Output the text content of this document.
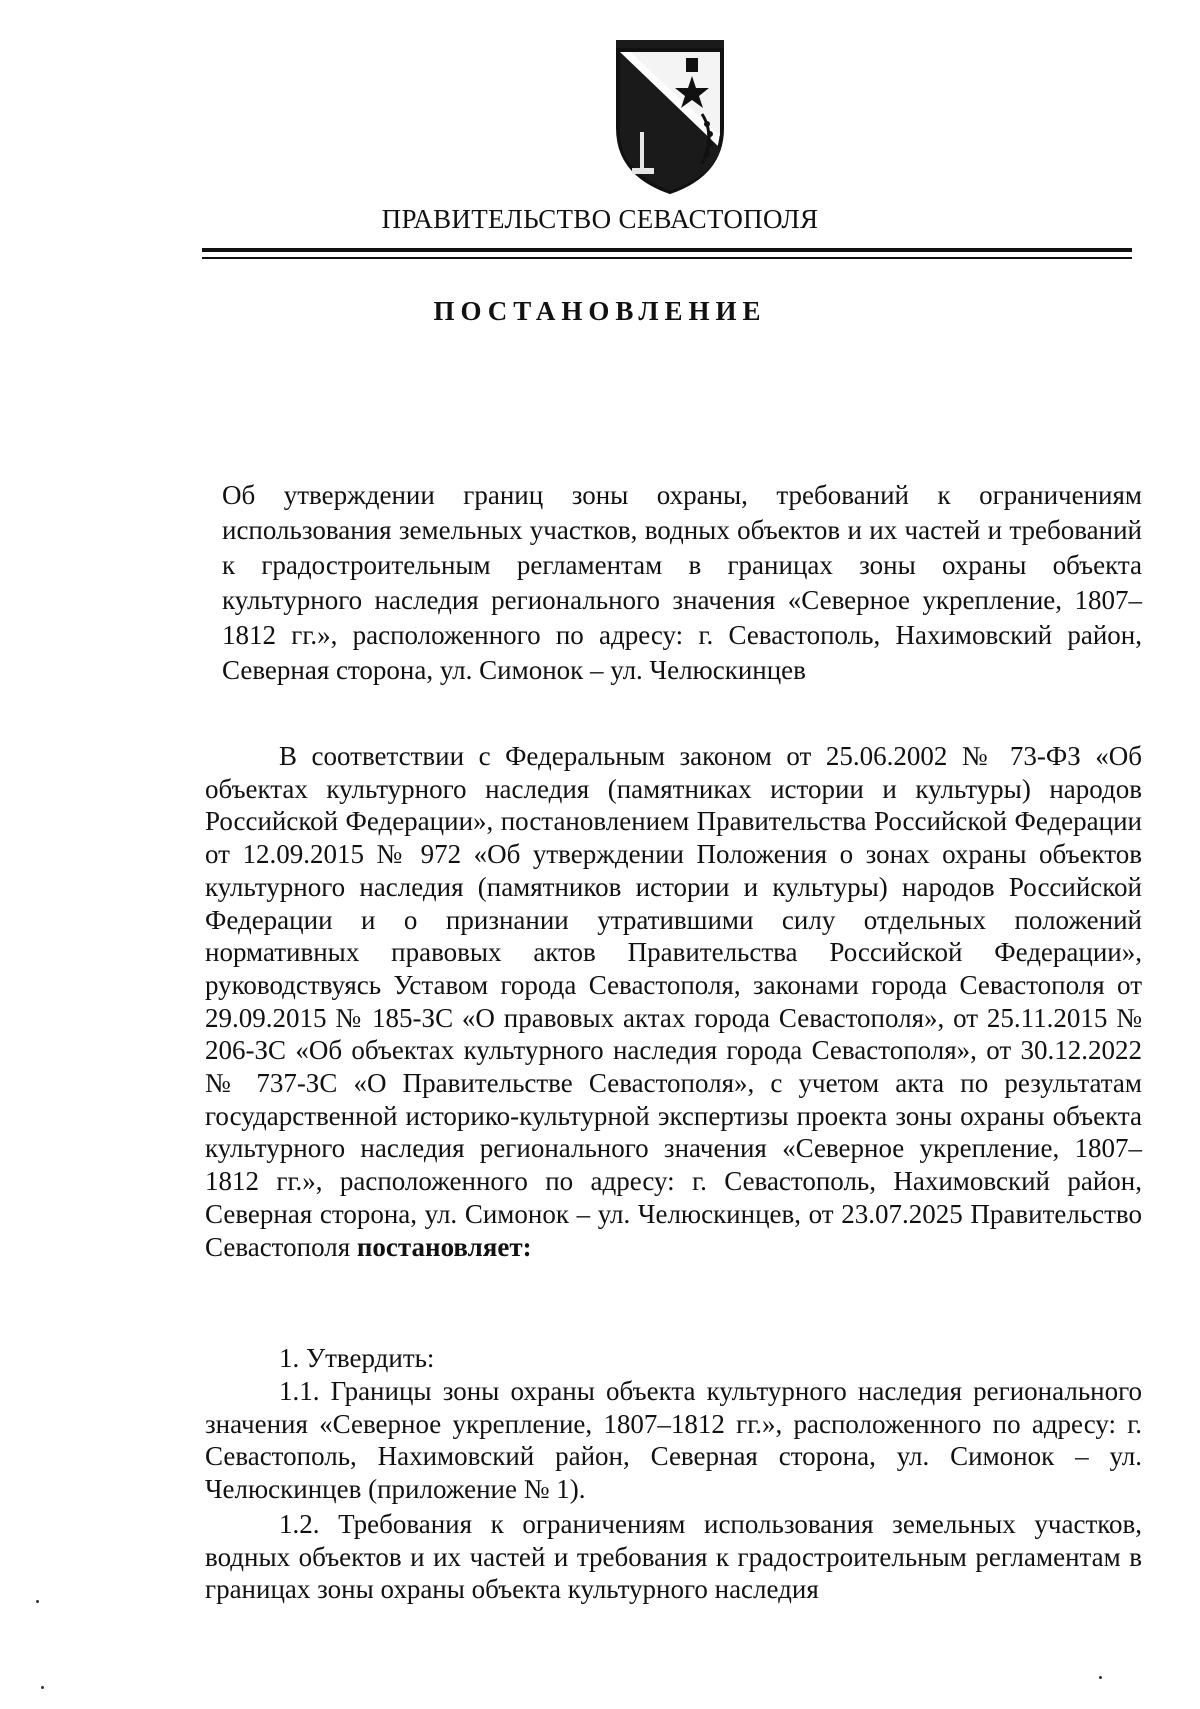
ПРАВИТЕЛЬСТВО СЕВАСТОПОЛЯ
ПОСТАНОВЛЕНИЕ
Об утверждении границ зоны охраны, требований к ограничениям использования земельных участков, водных объектов и их частей и требований к градостроительным регламентам в границах зоны охраны объекта культурного наследия регионального значения «Северное укрепление, 1807–1812 гг.», расположенного по адресу: г. Севастополь, Нахимовский район, Северная сторона, ул. Симонок – ул. Челюскинцев
В соответствии с Федеральным законом от 25.06.2002 № 73-ФЗ «Об объектах культурного наследия (памятниках истории и культуры) народов Российской Федерации», постановлением Правительства Российской Федерации от 12.09.2015 № 972 «Об утверждении Положения о зонах охраны объектов культурного наследия (памятников истории и культуры) народов Российской Федерации и о признании утратившими силу отдельных положений нормативных правовых актов Правительства Российской Федерации», руководствуясь Уставом города Севастополя, законами города Севастополя от 29.09.2015 № 185-ЗС «О правовых актах города Севастополя», от 25.11.2015 № 206-ЗС «Об объектах культурного наследия города Севастополя», от 30.12.2022 № 737-ЗС «О Правительстве Севастополя», с учетом акта по результатам государственной историко-культурной экспертизы проекта зоны охраны объекта культурного наследия регионального значения «Северное укрепление, 1807–1812 гг.», расположенного по адресу: г. Севастополь, Нахимовский район, Северная сторона, ул. Симонок – ул. Челюскинцев, от 23.07.2025 Правительство Севастополя постановляет:
1. Утвердить:
1.1. Границы зоны охраны объекта культурного наследия регионального значения «Северное укрепление, 1807–1812 гг.», расположенного по адресу: г. Севастополь, Нахимовский район, Северная сторона, ул. Симонок – ул. Челюскинцев (приложение № 1).
1.2. Требования к ограничениям использования земельных участков, водных объектов и их частей и требования к градостроительным регламентам в границах зоны охраны объекта культурного наследия
